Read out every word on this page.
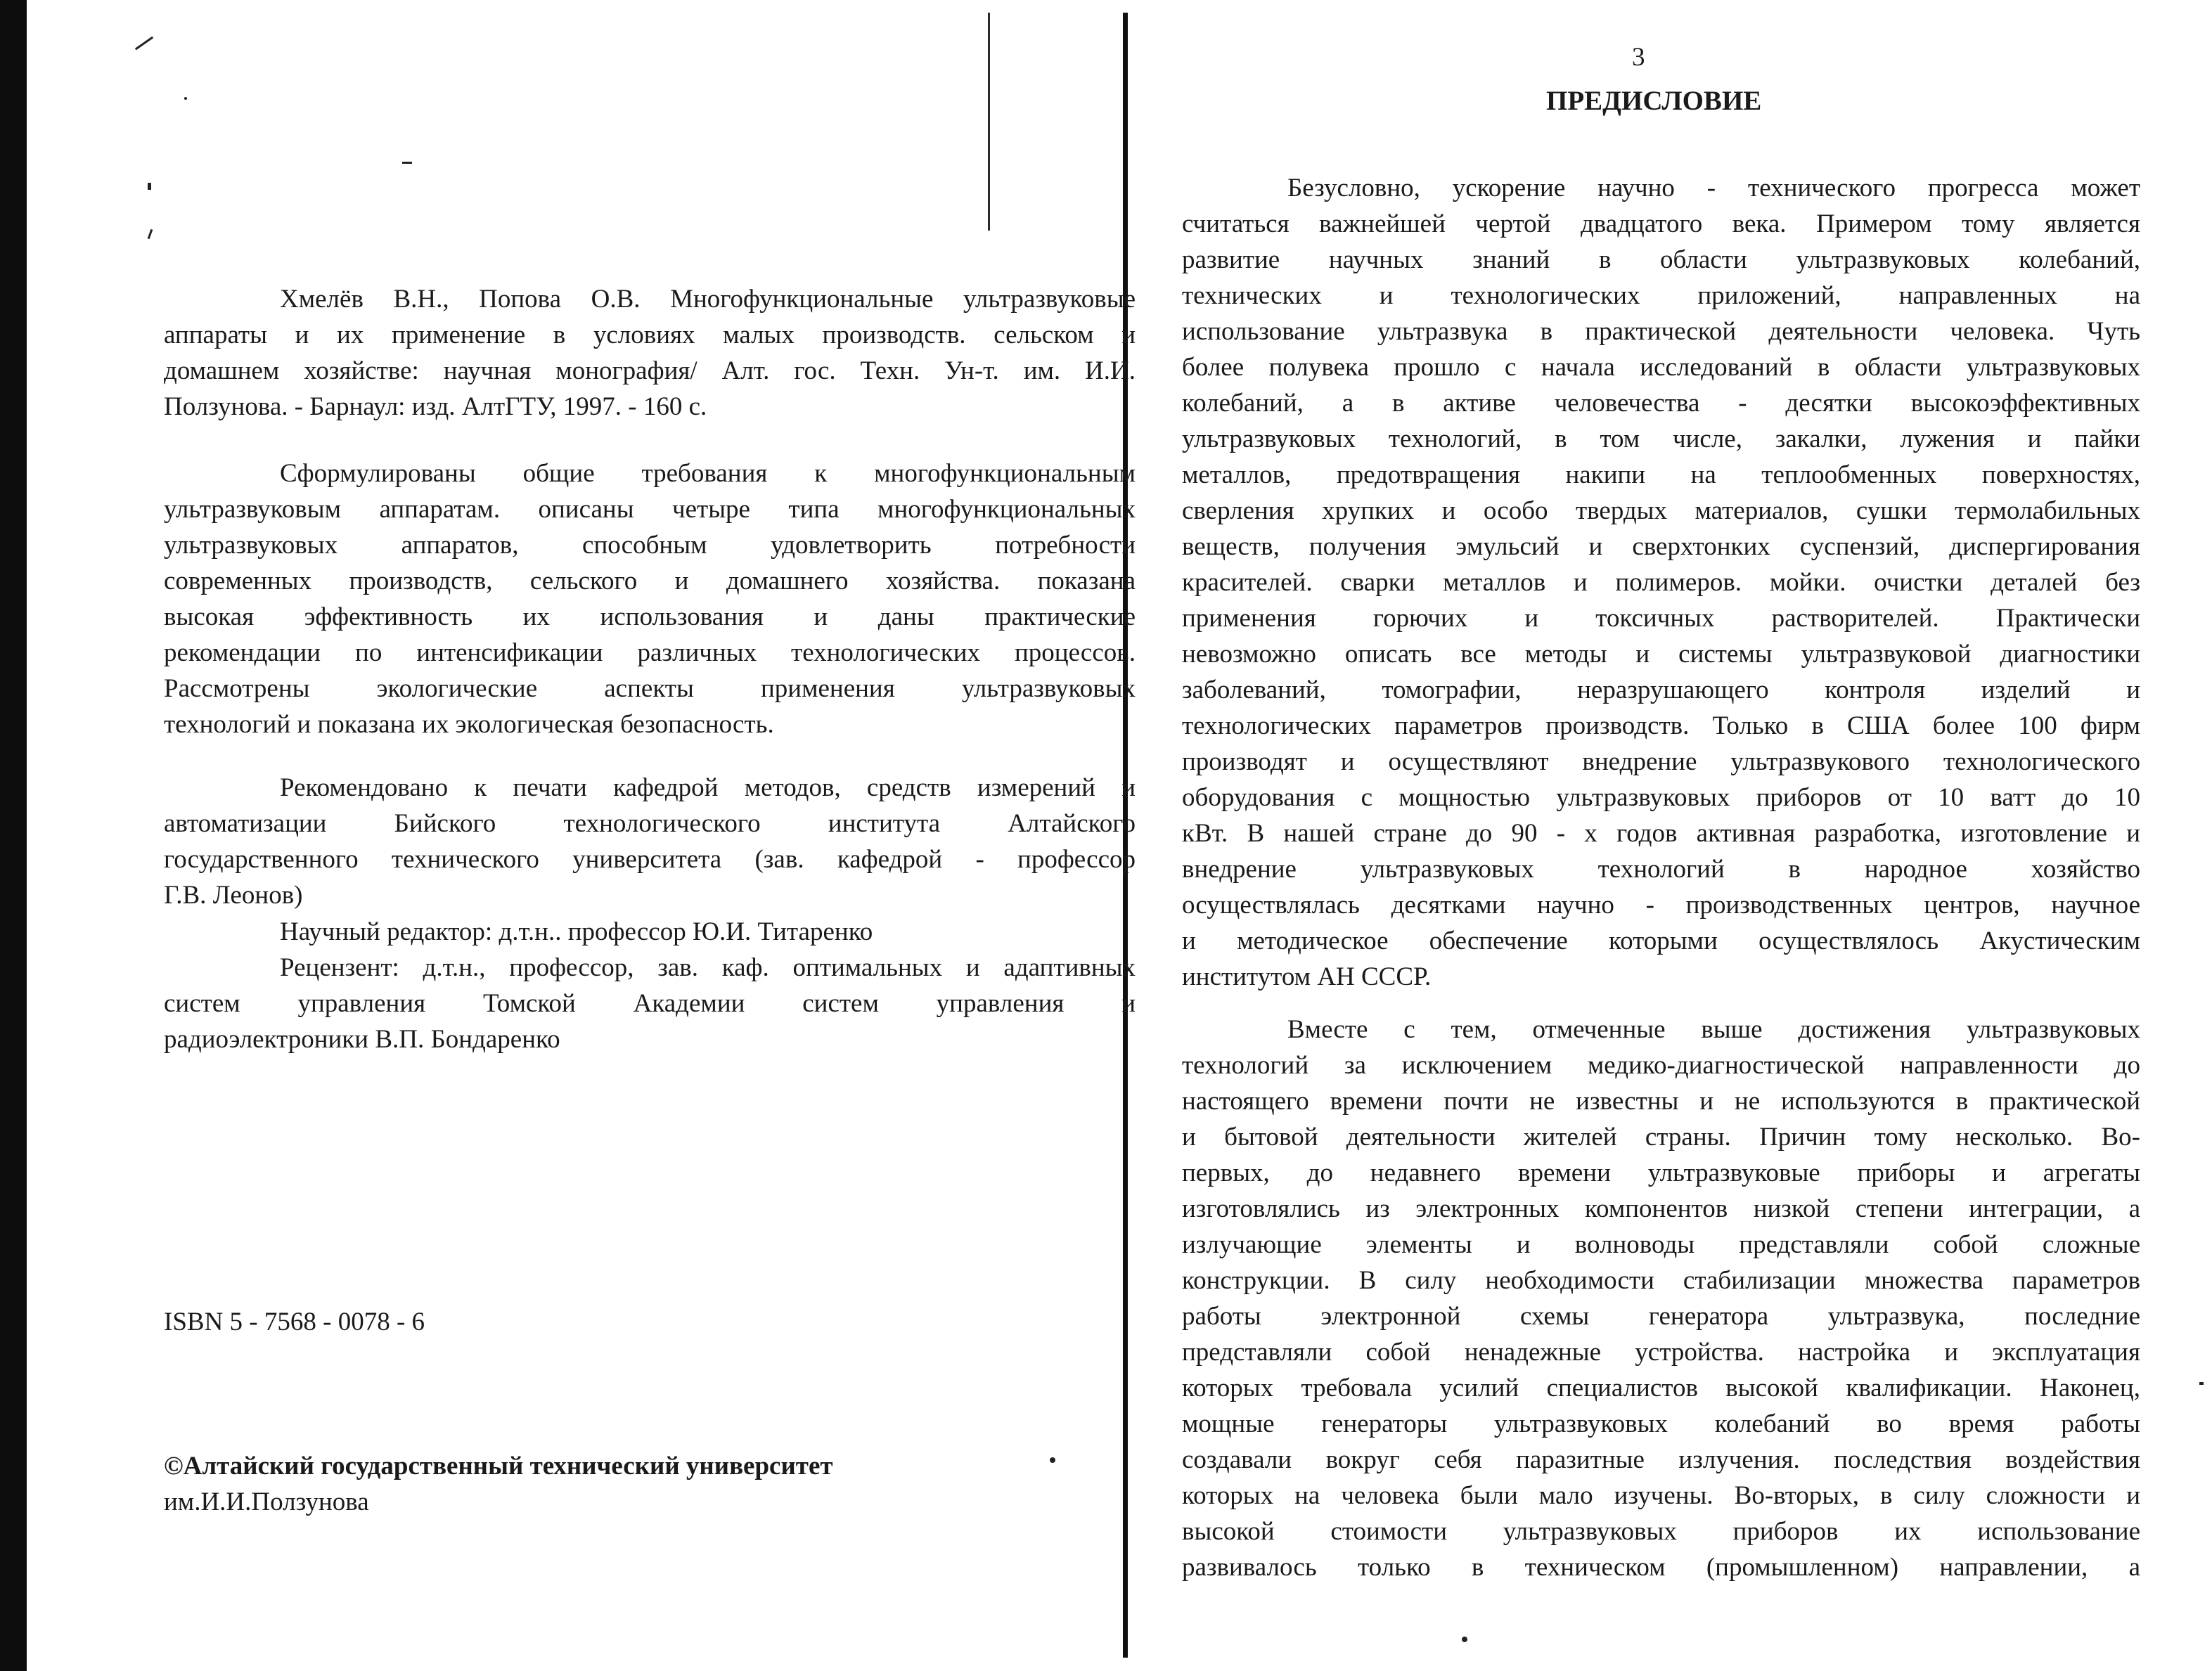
Хмелёв В.Н., Попова О.В. Многофункциональные ультразвуковые
аппараты и их применение в условиях малых производств. сельском и
домашнем хозяйстве: научная монография/ Алт. гос. Техн. Ун-т. им. И.И.
Ползунова. - Барнаул: изд. АлтГТУ, 1997. - 160 с.
Сформулированы общие требования к многофункциональным
ультразвуковым аппаратам. описаны четыре типа многофункциональных
ультразвуковых аппаратов, способным удовлетворить потребности
современных производств, сельского и домашнего хозяйства. показана
высокая эффективность их использования и даны практические
рекомендации по интенсификации различных технологических процессов.
Рассмотрены экологические аспекты применения ультразвуковых
технологий и показана их экологическая безопасность.
Рекомендовано к печати кафедрой методов, средств измерений и
автоматизации Бийского технологического института Алтайского
государственного технического университета (зав. кафедрой - профессор
Г.В. Леонов)
Научный редактор: д.т.н.. профессор Ю.И. Титаренко
Рецензент: д.т.н., профессор, зав. каф. оптимальных и адаптивных
систем управления Томской Академии систем управления и
радиоэлектроники В.П. Бондаренко
ISBN 5 - 7568 - 0078 - 6
©Алтайский государственный технический университет
им.И.И.Ползунова
3
ПРЕДИСЛОВИЕ
Безусловно, ускорение научно - технического прогресса может
считаться важнейшей чертой двадцатого века. Примером тому является
развитие научных знаний в области ультразвуковых колебаний,
технических и технологических приложений, направленных на
использование ультразвука в практической деятельности человека. Чуть
более полувека прошло с начала исследований в области ультразвуковых
колебаний, а в активе человечества - десятки высокоэффективных
ультразвуковых технологий, в том числе, закалки, лужения и пайки
металлов, предотвращения накипи на теплообменных поверхностях,
сверления хрупких и особо твердых материалов, сушки термолабильных
веществ, получения эмульсий и сверхтонких суспензий, диспергирования
красителей. сварки металлов и полимеров. мойки. очистки деталей без
применения горючих и токсичных растворителей. Практически
невозможно описать все методы и системы ультразвуковой диагностики
заболеваний, томографии, неразрушающего контроля изделий и
технологических параметров производств. Только в США более 100 фирм
производят и осуществляют внедрение ультразвукового технологического
оборудования с мощностью ультразвуковых приборов от 10 ватт до 10
кВт. В нашей стране до 90 - х годов активная разработка, изготовление и
внедрение ультразвуковых технологий в народное хозяйство
осуществлялась десятками научно - производственных центров, научное
и методическое обеспечение которыми осуществлялось Акустическим
институтом АН СССР.
Вместе с тем, отмеченные выше достижения ультразвуковых
технологий за исключением медико-диагностической направленности до
настоящего времени почти не известны и не используются в практической
и бытовой деятельности жителей страны. Причин тому несколько. Во-
первых, до недавнего времени ультразвуковые приборы и агрегаты
изготовлялись из электронных компонентов низкой степени интеграции, а
излучающие элементы и волноводы представляли собой сложные
конструкции. В силу необходимости стабилизации множества параметров
работы электронной схемы генератора ультразвука, последние
представляли собой ненадежные устройства. настройка и эксплуатация
которых требовала усилий специалистов высокой квалификации. Наконец,
мощные генераторы ультразвуковых колебаний во время работы
создавали вокруг себя паразитные излучения. последствия воздействия
которых на человека были мало изучены. Во-вторых, в силу сложности и
высокой стоимости ультразвуковых приборов их использование
развивалось только в техническом (промышленном) направлении, а
